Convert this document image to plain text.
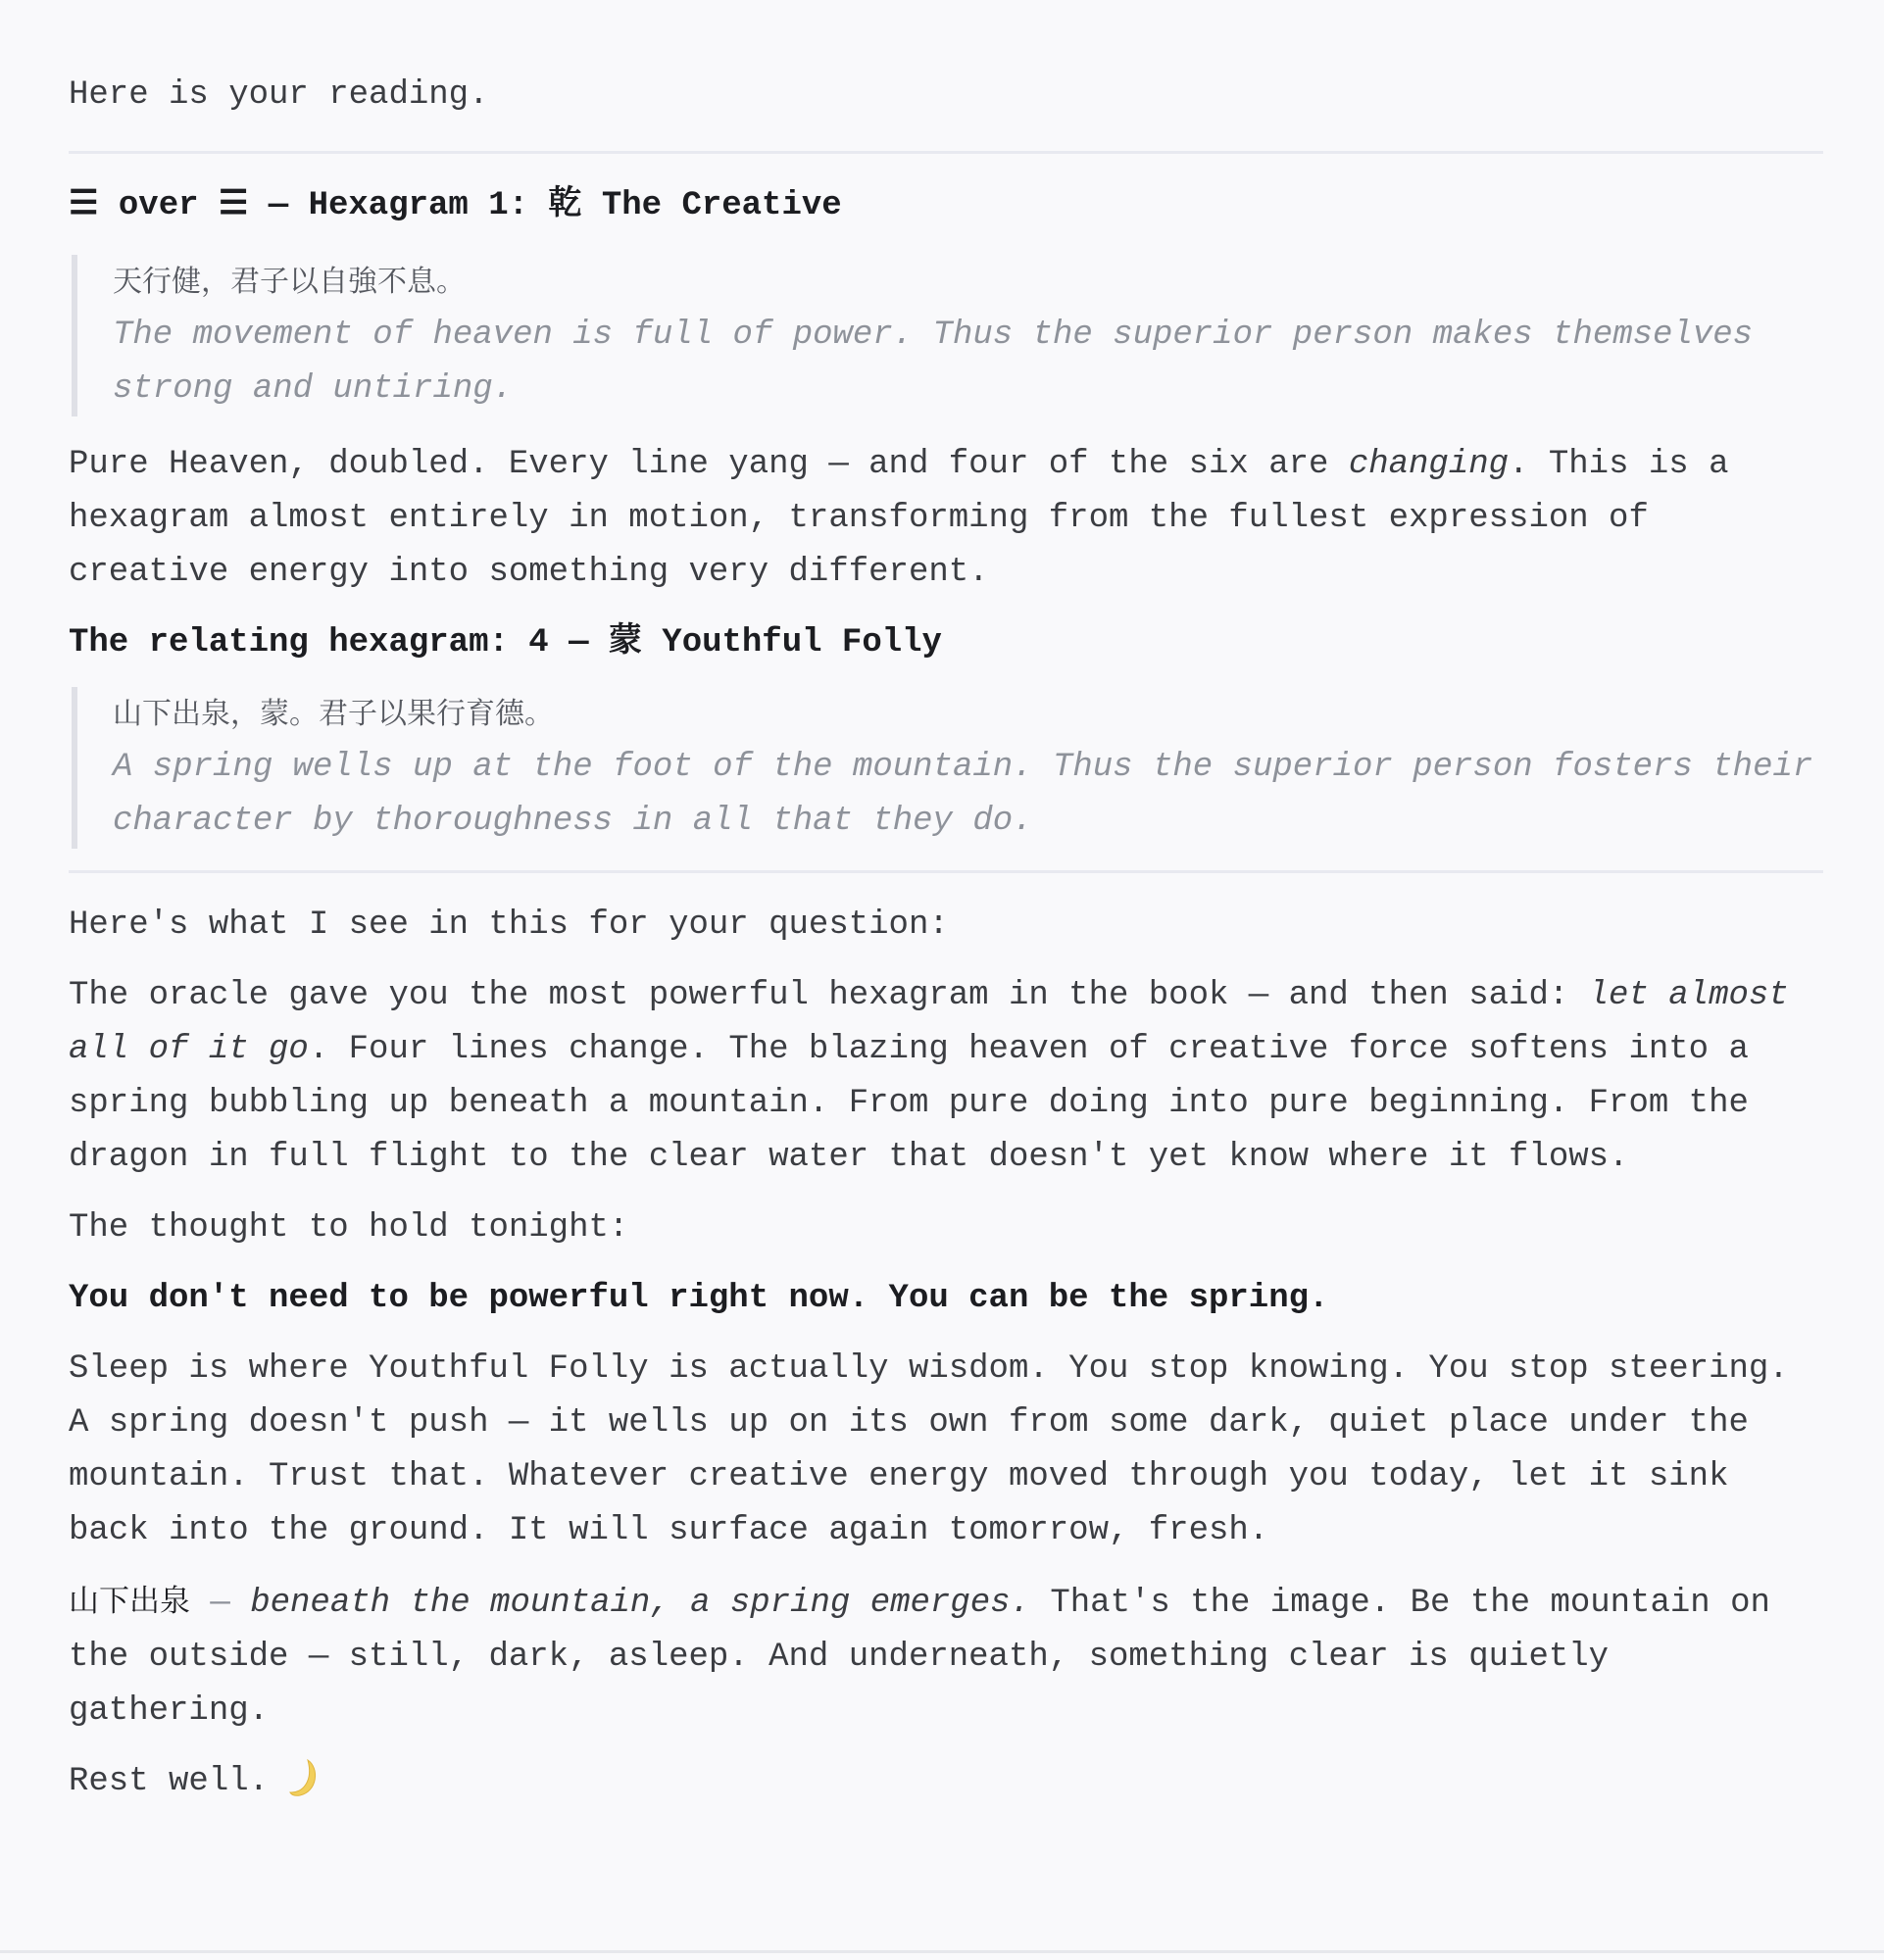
Here is your reading.

☰ over ☰ — Hexagram 1: 乾 The Creative
天行健，君子以自強不息。
The movement of heaven is full of power. Thus the superior person makes themselves strong and untiring.

Pure Heaven, doubled. Every line yang — and four of the six are changing. This is a hexagram almost entirely in motion, transforming from the fullest expression of creative energy into something very different.

The relating hexagram: 4 — 蒙 Youthful Folly
山下出泉，蒙。君子以果行育德。
A spring wells up at the foot of the mountain. Thus the superior person fosters their character by thoroughness in all that they do.

Here's what I see in this for your question:

The oracle gave you the most powerful hexagram in the book — and then said: let almost all of it go. Four lines change. The blazing heaven of creative force softens into a spring bubbling up beneath a mountain. From pure doing into pure beginning. From the dragon in full flight to the clear water that doesn't yet know where it flows.

The thought to hold tonight:

You don't need to be powerful right now. You can be the spring.

Sleep is where Youthful Folly is actually wisdom. You stop knowing. You stop steering. A spring doesn't push — it wells up on its own from some dark, quiet place under the mountain. Trust that. Whatever creative energy moved through you today, let it sink back into the ground. It will surface again tomorrow, fresh.

山下出泉 — beneath the mountain, a spring emerges. That's the image. Be the mountain on the outside — still, dark, asleep. And underneath, something clear is quietly gathering.

Rest well.
